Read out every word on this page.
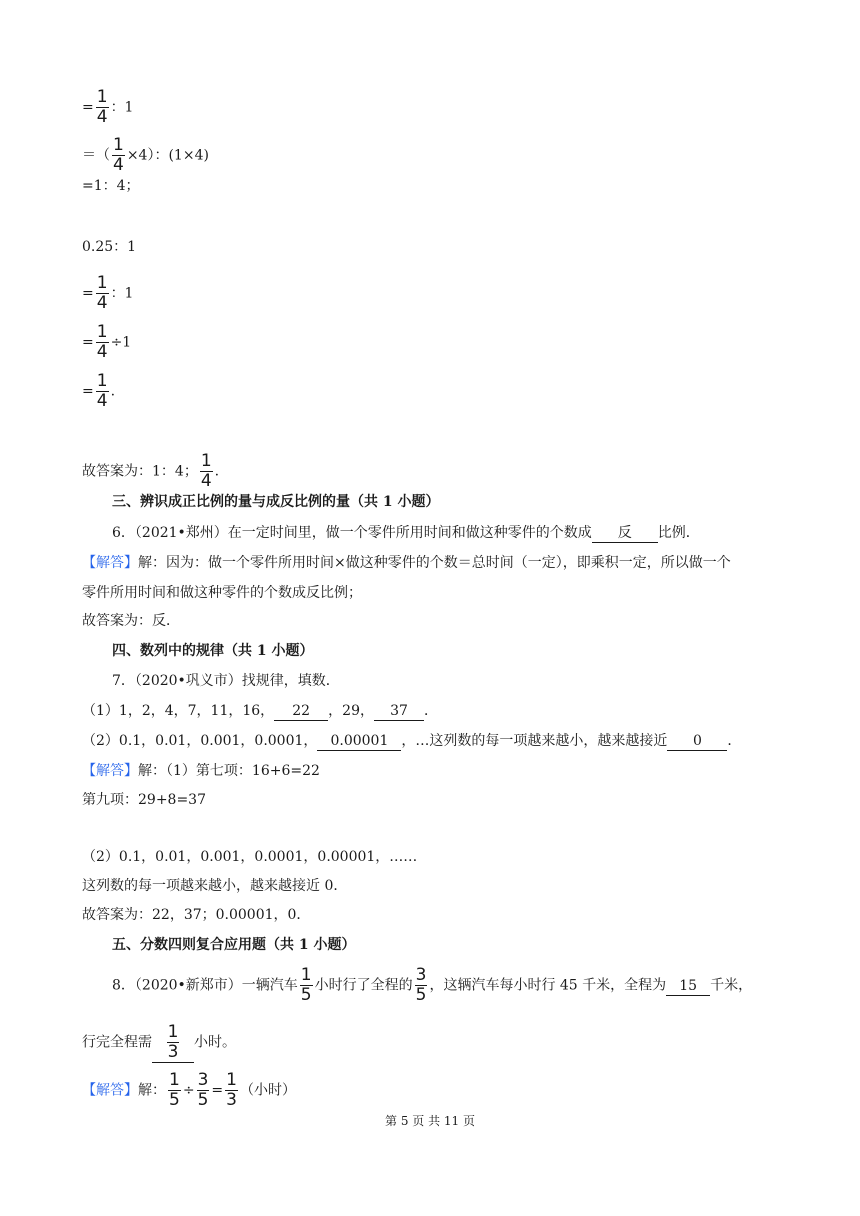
= $\frac{1}{4}$ ：1
＝（ $\frac{1}{4} \times 4$）：(1×4)
=1：4；
0.25：1
= $\frac{1}{4}$ ：1
= $\frac{1}{4} \div 1$
= $\frac{1}{4}$ .
故答案为：1：4； $\frac{1}{4}$ .
三、辨识成正比例的量与成反比例的量（共 1 小题）
6．（2021•郑州）在一定时间里，做一个零件所用时间和做这种零件的个数成 反 比例．
【解答】解：因为：做一个零件所用时间×做这种零件的个数＝总时间（一定），即乘积一定，所以做一个
零件所用时间和做这种零件的个数成反比例；
故答案为：反．
四、数列中的规律（共 1 小题）
7．（2020•巩义市）找规律，填数．
（1）1，2，4，7，11，16， 22 ，29， 37 ．
（2）0.1，0.01，0.001，0.0001， 0.00001 ，…这列数的每一项越来越小，越来越接近 0 ．
【解答】解：（1）第七项：16+6=22
第九项：29+8=37
（2）0.1，0.01，0.001，0.0001，0.00001，……
这列数的每一项越来越小，越来越接近 0．
故答案为：22，37；0.00001，0．
五、分数四则复合应用题（共 1 小题）
8．（2020•新郑市）一辆汽车 $\frac{1}{5}$ 小时行了全程的 $\frac{3}{5}$ ，这辆汽车每小时行 45 千米，全程为 15 千米，
行完全程需 $\frac{1}{3}$ 小时。
【解答】解： $\frac{1}{5} \div \frac{3}{5} = \frac{1}{3}$ （小时）
第 5 页 共 11 页
